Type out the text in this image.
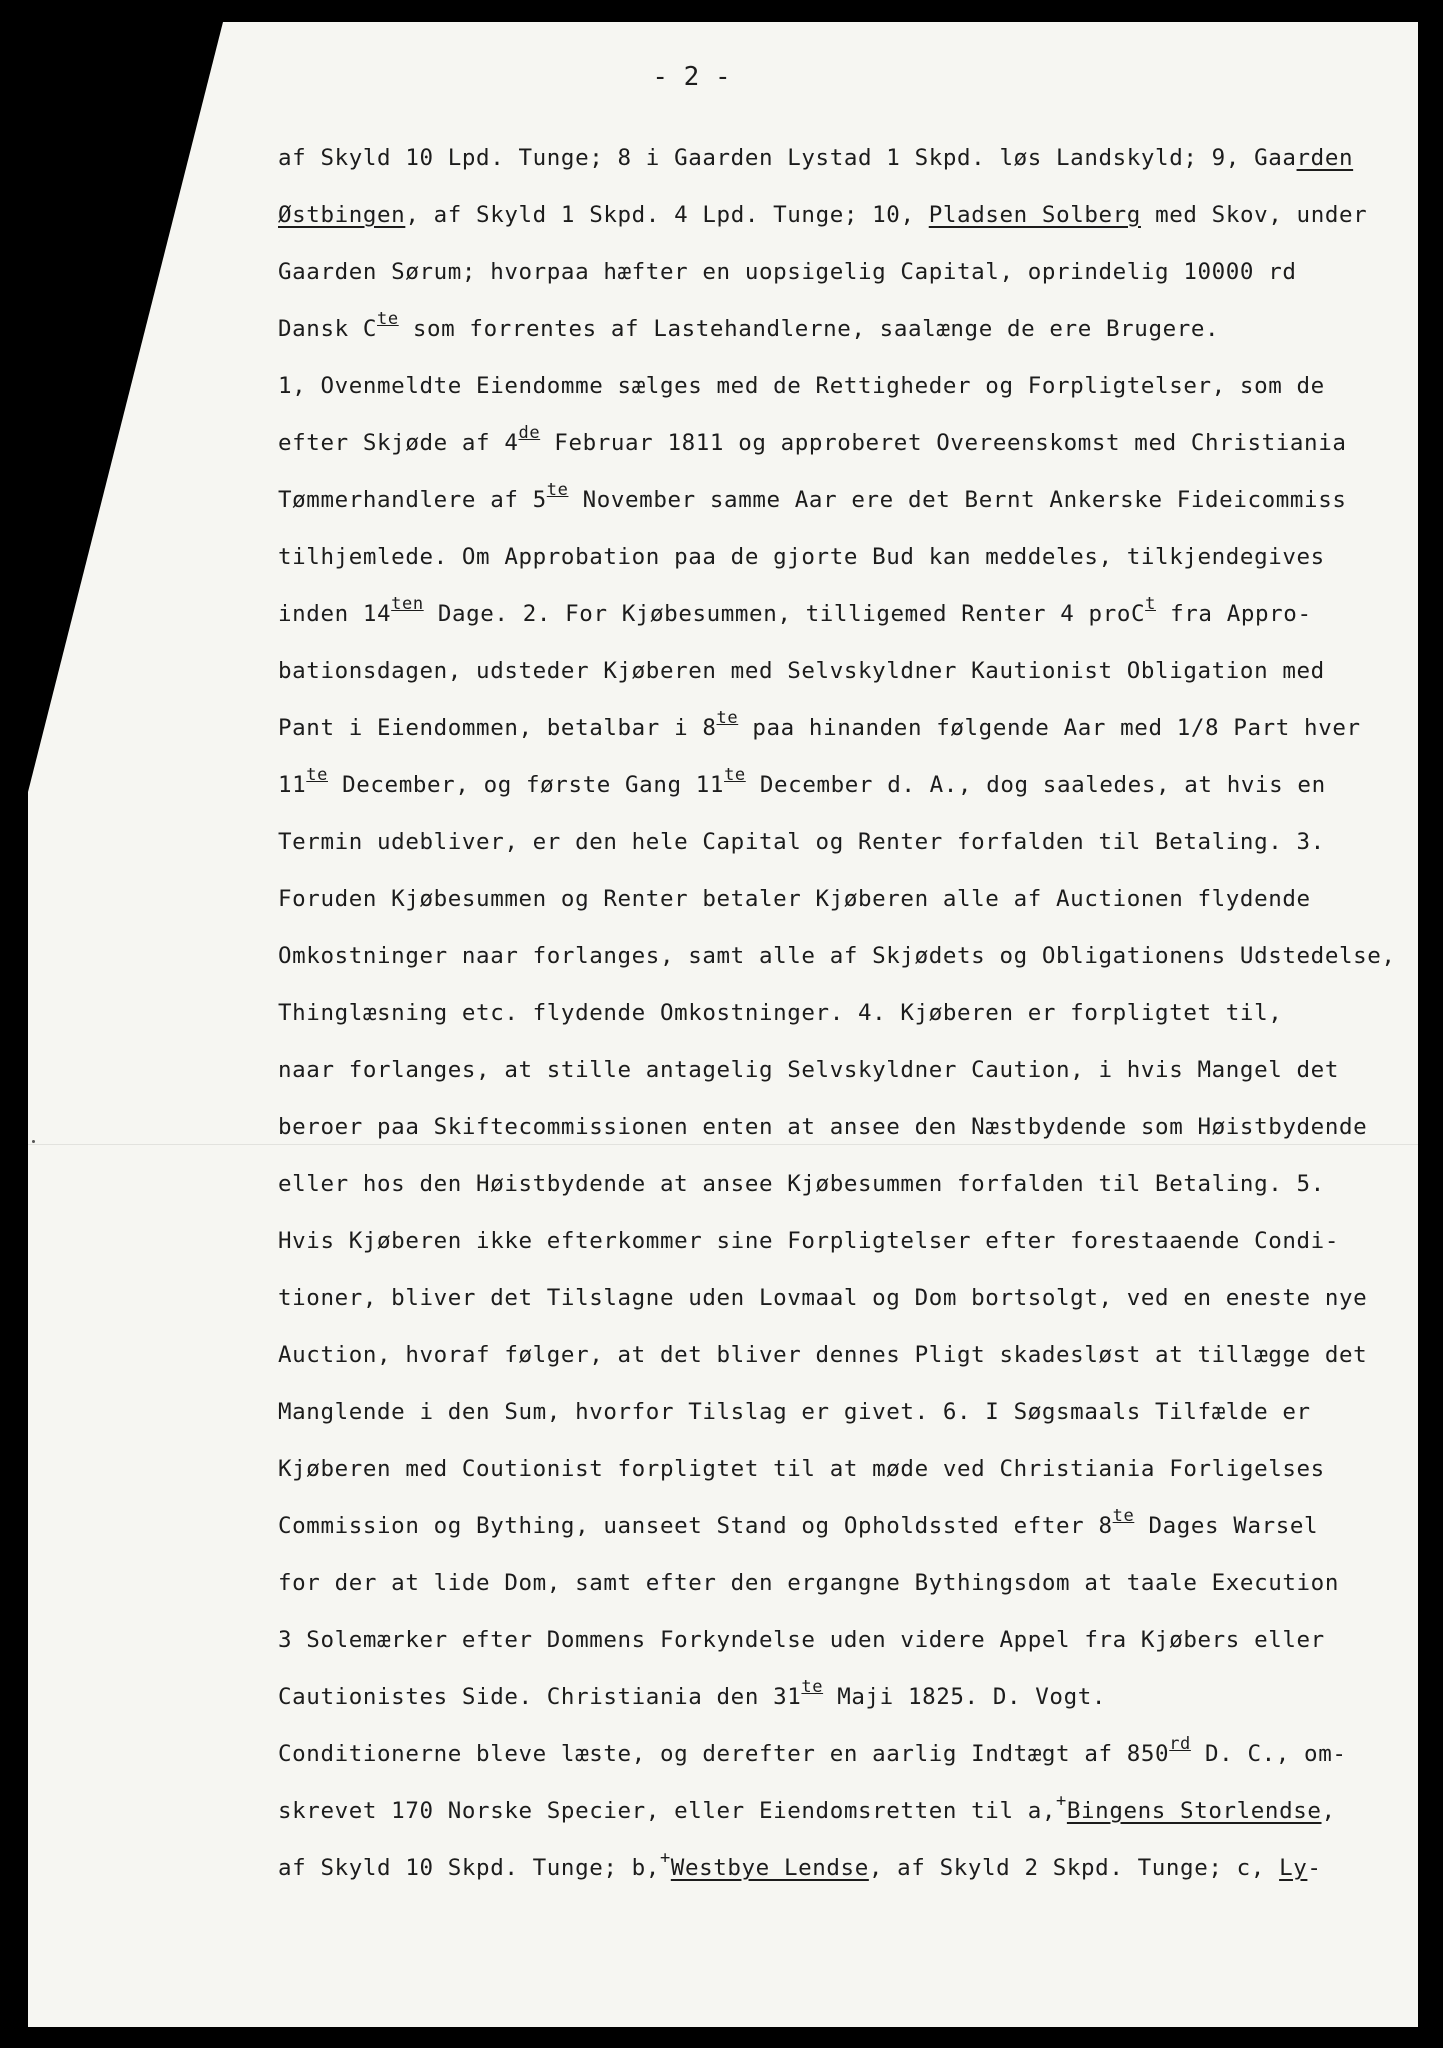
- 2 -
af Skyld 10 Lpd. Tunge; 8 i Gaarden Lystad 1 Skpd. løs Landskyld; 9, Gaarden
Østbingen, af Skyld 1 Skpd. 4 Lpd. Tunge; 10, Pladsen Solberg med Skov, under
Gaarden Sørum; hvorpaa hæfter en uopsigelig Capital, oprindelig 10000 rd
Dansk $C^{te}$ som forrentes af Lastehandlerne, saalænge de ere Brugere.
1, Ovenmeldte Eiendomme sælges med de Rettigheder og Forpligtelser, som de
efter Skjøde af 4de Februar 1811 og approberet Overeenskomst med Christiania
Tømmerhandlere af $5^{te}$ November samme Aar ere det Bernt Ankerske Fideicommiss
tilhjemlede. Om Approbation paa de gjorte Bud kan meddeles, tilkjendegives
inden $14^{ten}$ Dage. 2. For Kjøbesummen, tilligemed Renter 4 proC$^t$ fra Appro-
bationsdagen, udsteder Kjøberen med Selvskyldner Kautionist Obligation med
Pant i Eiendommen, betalbar i $8^{te}$ paa hinanden følgende Aar med 1/8 Part hver
$11^{te}$ December, og første Gang $11^{te}$ December d. A., dog saaledes, at hvis en
Termin udebliver, er den hele Capital og Renter forfalden til Betaling. 3.
Foruden Kjøbesummen og Renter betaler Kjøberen alle af Auctionen flydende
Omkostninger naar forlanges, samt alle af Skjødets og Obligationens Udstedelse,
Thinglæsning etc. flydende Omkostninger. 4. Kjøberen er forpligtet til,
naar forlanges, at stille antagelig Selvskyldner Caution, i hvis Mangel det
beroer paa Skiftecommissionen enten at ansee den Næstbydende som Høistbydende
eller hos den Høistbydende at ansee Kjøbesummen forfalden til Betaling. 5.
Hvis Kjøberen ikke efterkommer sine Forpligtelser efter forestaaende Condi-
tioner, bliver det Tilslagne uden Lovmaal og Dom bortsolgt, ved en eneste nye
Auction, hvoraf følger, at det bliver dennes Pligt skadesløst at tillægge det
Manglende i den Sum, hvorfor Tilslag er givet. 6. I Søgsmaals Tilfælde er
Kjøberen med Coutionist forpligtet til at møde ved Christiania Forligelses
Commission og Bything, uanseet Stand og Opholdssted efter $8^{te}$ Dages Warsel
for der at lide Dom, samt efter den ergangne Bythingsdom at taale Execution
3 Solemærker efter Dommens Forkyndelse uden videre Appel fra Kjøbers eller
Cautionistes Side. Christiania den $31^{te}$ Maji 1825. D. Vogt.
Conditionerne bleve læste, og derefter en aarlig Indtægt af 850rd D. C., om-
skrevet 170 Norske Specier, eller Eiendomsretten til a,+Bingens Storlendse,
af Skyld 10 Skpd. Tunge; b,+Westbye Lendse, af Skyld 2 Skpd. Tunge; c, Ly-
